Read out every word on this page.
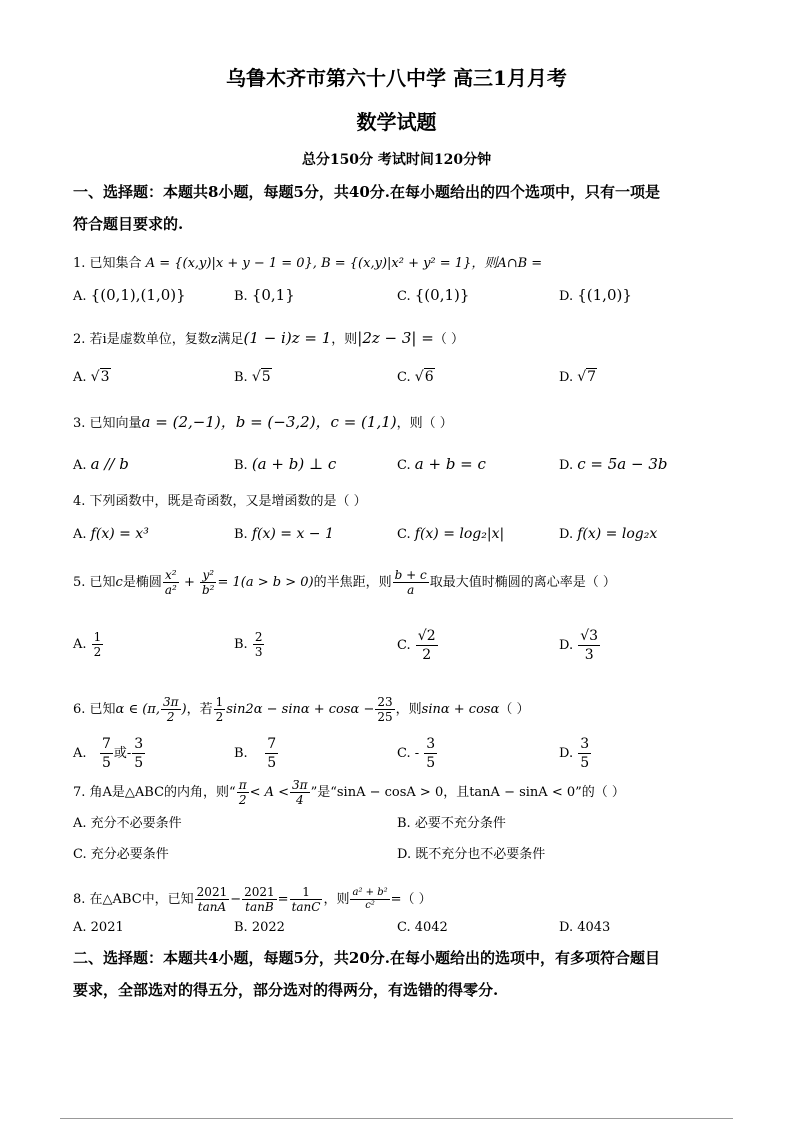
乌鲁木齐市第六十八中学 高三1月月考
数学试题
总分150分 考试时间120分钟
一、选择题：本题共8小题，每题5分，共40分.在每小题给出的四个选项中，只有一项是
符合题目要求的.
1. 已知集合 A = {(x,y)|x + y − 1 = 0}, B = {(x,y)|x² + y² = 1}，则A∩B =
A. {(0,1),(1,0)}	B. {0,1}	C. {(0,1)}	D. {(1,0)}
2. 若i是虚数单位，复数z满足(1 − i)z = 1，则|2z − 3| =（ ）
A. √3	B. √5	C. √6	D. √7
3. 已知向量a = (2,−1)，b = (−3,2)，c = (1,1)，则（ ）
A. a // b	B. (a + b) ⊥ c	C. a + b = c	D. c = 5a − 3b
4. 下列函数中，既是奇函数，又是增函数的是（ ）
A. f(x) = x³	B. f(x) = x − 1	C. f(x) = log₂|x|	D. f(x) = log₂x
5. 已知c是椭圆 $\frac{\text{x²}}{\text{a²}} + \frac{\text{y²}}{\text{b²}} = 1(a > b > 0)$的半焦距，则 $\frac{b + c}{a}$ 取最大值时椭圆的离心率是（ ）
A. $\frac{1}{2}$	B. $\frac{2}{3}$	C. $\frac{√2}{2}$	D. $\frac{√3}{3}$
6. 已知α ∈ (π, $\frac{3\pi}{2}$ )，若 $\frac{1}{2} \sin 2\alpha - \sin\alpha + \cos\alpha - \frac{23}{25}$ ，则sinα + cosα（ ）
A. $\frac{7}{5}$ 或- $\frac{3}{5}$	B. $\frac{7}{5}$	C. - $\frac{3}{5}$	D. $\frac{3}{5}$
7. 角A是△ABC的内角，则“ $\frac{\pi}{2} < A < \frac{3\pi}{4}$ ”是“sinA − cosA > 0，且tanA − sinA < 0”的（ ）
A. 充分不必要条件	B. 必要不充分条件
C. 充分必要条件	D. 既不充分也不必要条件
8. 在△ABC中，已知 $\frac{2021}{\tan A} - \frac{2021}{\tan B} = \frac{1}{\tan C}$ ，则 $\frac{\text{a² + b²}}{\text{c²}}$ =（ ）
A. 2021	B. 2022	C. 4042	D. 4043
二、选择题：本题共4小题，每题5分，共20分.在每小题给出的选项中，有多项符合题目
要求，全部选对的得五分，部分选对的得两分，有选错的得零分.
